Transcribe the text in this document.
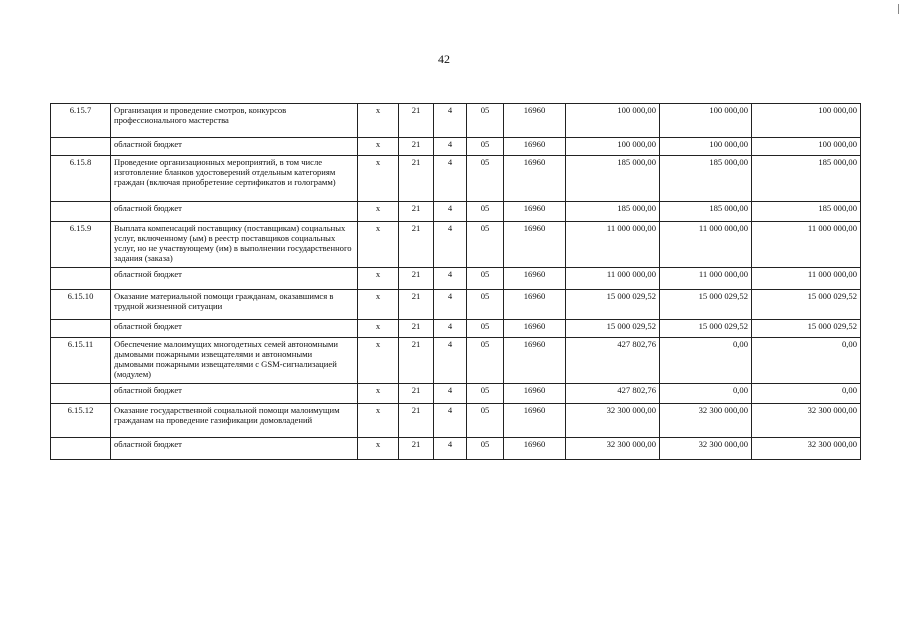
42
6.15.7	Организация и проведение смотров, конкурсов профессионального мастерства	х	21	4	05	16960	100 000,00	100 000,00	100 000,00
	областной бюджет	х	21	4	05	16960	100 000,00	100 000,00	100 000,00
6.15.8	Проведение организационных мероприятий, в том числе изготовление бланков удостоверений отдельным категориям граждан (включая приобретение сертификатов и голограмм)	х	21	4	05	16960	185 000,00	185 000,00	185 000,00
	областной бюджет	х	21	4	05	16960	185 000,00	185 000,00	185 000,00
6.15.9	Выплата компенсаций поставщику (поставщикам) социальных услуг, включенному (ым) в реестр поставщиков социальных услуг, но не участвующему (им) в выполнении государственного задания (заказа)	х	21	4	05	16960	11 000 000,00	11 000 000,00	11 000 000,00
	областной бюджет	х	21	4	05	16960	11 000 000,00	11 000 000,00	11 000 000,00
6.15.10	Оказание материальной помощи гражданам, оказавшимся в трудной жизненной ситуации	х	21	4	05	16960	15 000 029,52	15 000 029,52	15 000 029,52
	областной бюджет	х	21	4	05	16960	15 000 029,52	15 000 029,52	15 000 029,52
6.15.11	Обеспечение малоимущих многодетных семей автономными дымовыми пожарными извещателями и автономными дымовыми пожарными извещателями с GSM-сигнализацией (модулем)	х	21	4	05	16960	427 802,76	0,00	0,00
	областной бюджет	х	21	4	05	16960	427 802,76	0,00	0,00
6.15.12	Оказание государственной социальной помощи малоимущим гражданам на проведение газификации домовладений	х	21	4	05	16960	32 300 000,00	32 300 000,00	32 300 000,00
	областной бюджет	х	21	4	05	16960	32 300 000,00	32 300 000,00	32 300 000,00
